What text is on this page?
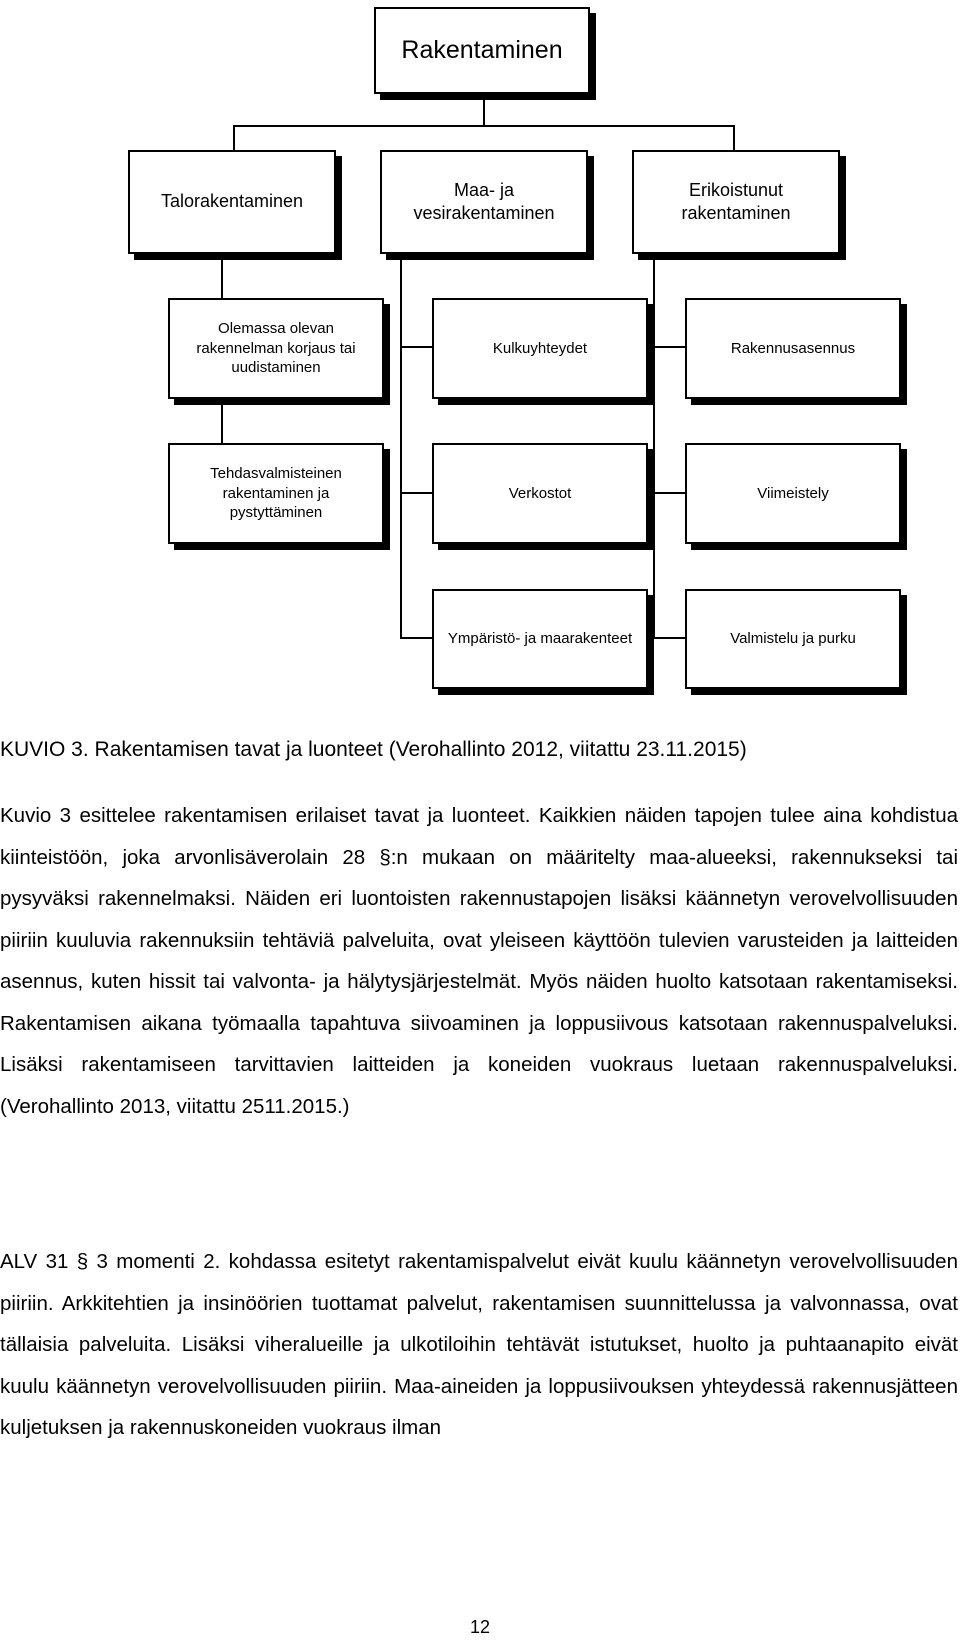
Rakentaminen
Talorakentaminen
Maa- ja
vesirakentaminen
Erikoistunut
rakentaminen
Olemassa olevan
rakennelman korjaus tai
uudistaminen
Kulkuyhteydet	Rakennusasennus
Tehdasvalmisteinen
rakentaminen ja
pystyttäminen
Verkostot	Viimeistely
Ympäristö- ja maarakenteet	Valmistelu ja purku
KUVIO 3. Rakentamisen tavat ja luonteet (Verohallinto 2012, viitattu 23.11.2015)

Kuvio 3 esittelee rakentamisen erilaiset tavat ja luonteet. Kaikkien näiden tapojen tulee aina kohdistua kiinteistöön, joka arvonlisäverolain 28 §:n mukaan on määritelty maa-alueeksi, rakennukseksi tai pysyväksi rakennelmaksi. Näiden eri luontoisten rakennustapojen lisäksi käännetyn verovelvollisuuden piiriin kuuluvia rakennuksiin tehtäviä palveluita, ovat yleiseen käyttöön tulevien varusteiden ja laitteiden asennus, kuten hissit tai valvonta- ja hälytysjärjestelmät. Myös näiden huolto katsotaan rakentamiseksi. Rakentamisen aikana työmaalla tapahtuva siivoaminen ja loppusiivous katsotaan rakennuspalveluksi. Lisäksi rakentamiseen tarvittavien laitteiden ja koneiden vuokraus luetaan rakennuspalveluksi. (Verohallinto 2013, viitattu 2511.2015.)

ALV 31 § 3 momenti 2. kohdassa esitetyt rakentamispalvelut eivät kuulu käännetyn verovelvollisuuden piiriin. Arkkitehtien ja insinöörien tuottamat palvelut, rakentamisen suunnittelussa ja valvonnassa, ovat tällaisia palveluita. Lisäksi viheralueille ja ulkotiloihin tehtävät istutukset, huolto ja puhtaanapito eivät kuulu käännetyn verovelvollisuuden piiriin. Maa-aineiden ja loppusiivouksen yhteydessä rakennusjätteen kuljetuksen ja rakennuskoneiden vuokraus ilman

12
